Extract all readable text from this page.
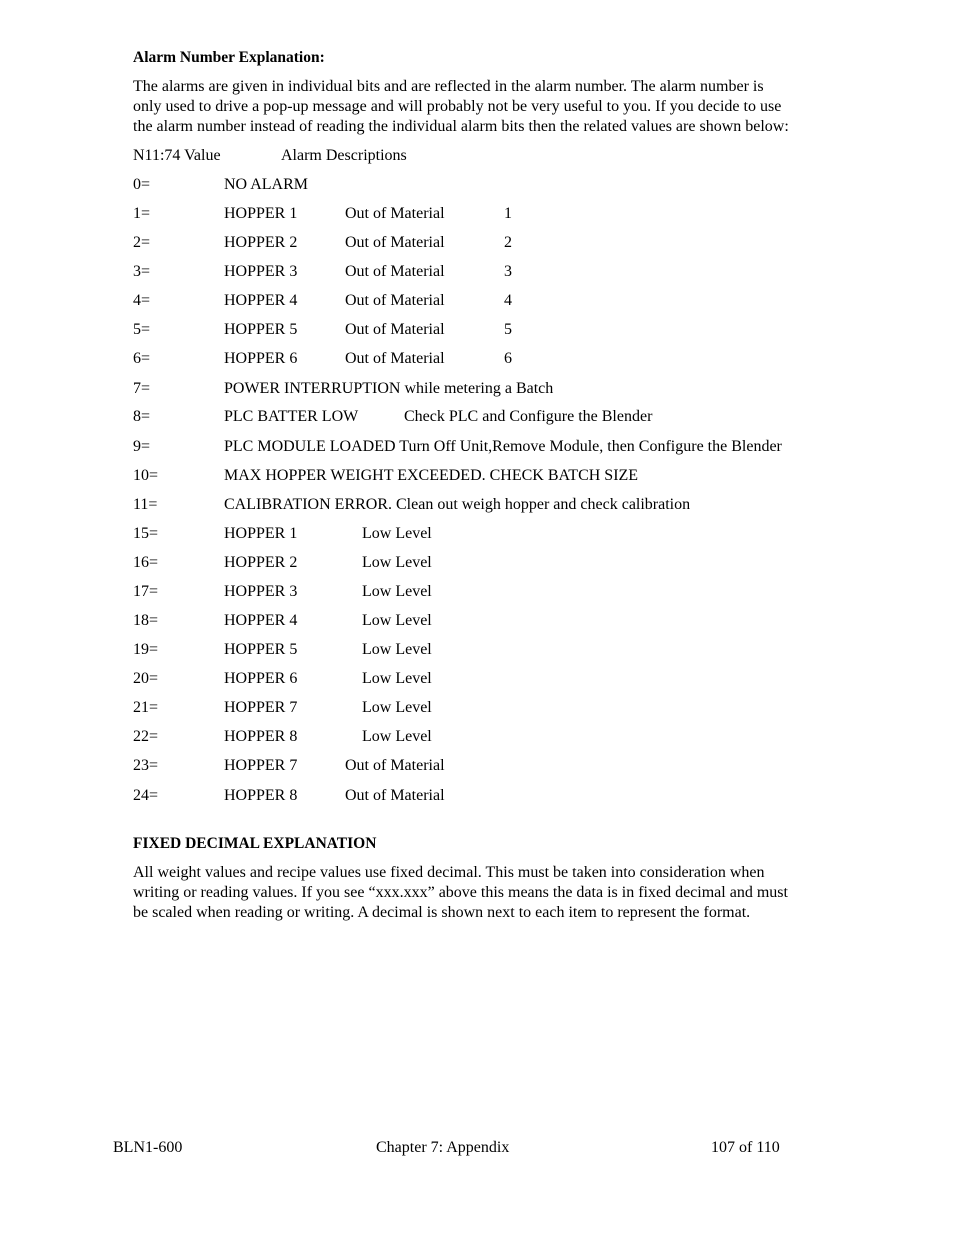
Alarm Number Explanation:
The alarms are given in individual bits and are reflected in the alarm number. The alarm number is
only used to drive a pop-up message and will probably not be very useful to you. If you decide to use
the alarm number instead of reading the individual alarm bits then the related values are shown below:
N11:74 Value	Alarm Descriptions
0=	NO ALARM
1=	HOPPER 1	Out of Material	1
2=	HOPPER 2	Out of Material	2
3=	HOPPER 3	Out of Material	3
4=	HOPPER 4	Out of Material	4
5=	HOPPER 5	Out of Material	5
6=	HOPPER 6	Out of Material	6
7=	POWER INTERRUPTION while metering a Batch
8=	PLC BATTER LOW	Check PLC and Configure the Blender
9=	PLC MODULE LOADED Turn Off Unit,Remove Module, then Configure the Blender
10=	MAX HOPPER WEIGHT EXCEEDED. CHECK BATCH SIZE
11=	CALIBRATION ERROR. Clean out weigh hopper and check calibration
15=	HOPPER 1	Low Level
16=	HOPPER 2	Low Level
17=	HOPPER 3	Low Level
18=	HOPPER 4	Low Level
19=	HOPPER 5	Low Level
20=	HOPPER 6	Low Level
21=	HOPPER 7	Low Level
22=	HOPPER 8	Low Level
23=	HOPPER 7	Out of Material
24=	HOPPER 8	Out of Material
FIXED DECIMAL EXPLANATION
All weight values and recipe values use fixed decimal. This must be taken into consideration when
writing or reading values. If you see “xxx.xxx” above this means the data is in fixed decimal and must
be scaled when reading or writing. A decimal is shown next to each item to represent the format.
BLN1-600	Chapter 7: Appendix	107 of 110
